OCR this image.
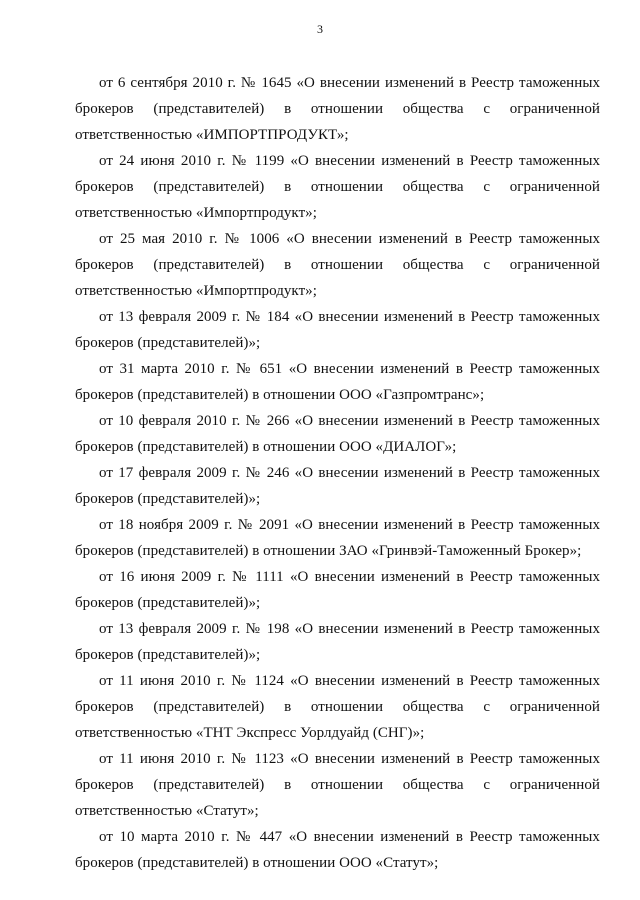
3

от 6 сентября 2010 г. № 1645 «О внесении изменений в Реестр таможенных брокеров (представителей) в отношении общества с ограниченной ответственностью «ИМПОРТПРОДУКТ»;

от 24 июня 2010 г. № 1199 «О внесении изменений в Реестр таможенных брокеров (представителей) в отношении общества с ограниченной ответственностью «Импортпродукт»;

от 25 мая 2010 г. № 1006 «О внесении изменений в Реестр таможенных брокеров (представителей) в отношении общества с ограниченной ответственностью «Импортпродукт»;

от 13 февраля 2009 г. № 184 «О внесении изменений в Реестр таможенных брокеров (представителей)»;

от 31 марта 2010 г. № 651 «О внесении изменений в Реестр таможенных брокеров (представителей) в отношении ООО «Газпромтранс»;

от 10 февраля 2010 г. № 266 «О внесении изменений в Реестр таможенных брокеров (представителей) в отношении ООО «ДИАЛОГ»;

от 17 февраля 2009 г. № 246 «О внесении изменений в Реестр таможенных брокеров (представителей)»;

от 18 ноября 2009 г. № 2091 «О внесении изменений в Реестр таможенных брокеров (представителей) в отношении ЗАО «Гринвэй-Таможенный Брокер»;

от 16 июня 2009 г. № 1111 «О внесении изменений в Реестр таможенных брокеров (представителей)»;

от 13 февраля 2009 г. № 198 «О внесении изменений в Реестр таможенных брокеров (представителей)»;

от 11 июня 2010 г. № 1124 «О внесении изменений в Реестр таможенных брокеров (представителей) в отношении общества с ограниченной ответственностью «ТНТ Экспресс Уорлдуайд (СНГ)»;

от 11 июня 2010 г. № 1123 «О внесении изменений в Реестр таможенных брокеров (представителей) в отношении общества с ограниченной ответственностью «Статут»;

от 10 марта 2010 г. № 447 «О внесении изменений в Реестр таможенных брокеров (представителей) в отношении ООО «Статут»;
